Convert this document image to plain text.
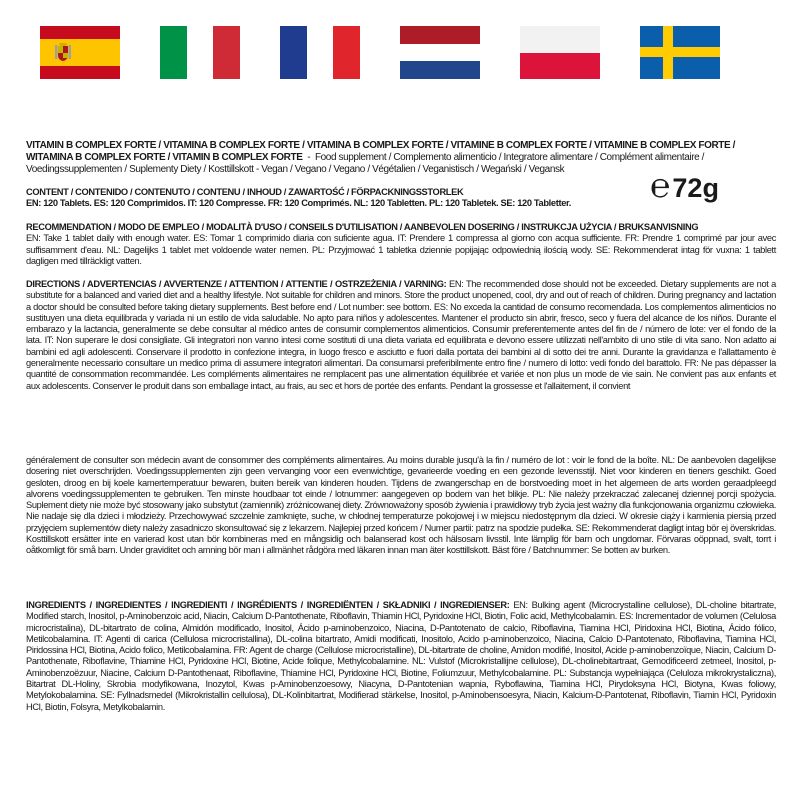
VITAMIN B COMPLEX FORTE / VITAMINA B COMPLEX FORTE / VITAMINA B COMPLEX FORTE / VITAMINE B COMPLEX FORTE / VITAMINE B COMPLEX FORTE / WITAMINA B COMPLEX FORTE / VITAMIN B COMPLEX FORTE  -  Food supplement / Complemento alimenticio / Integratore alimentare / Complément alimentaire / Voedingssupplementen / Suplementy Diety / Kosttillskott - Vegan / Vegano / Vegano / Végétalien / Veganistisch / Wegański / Vegansk
CONTENT / CONTENIDO / CONTENUTO / CONTENU / INHOUD / ZAWARTOŚĆ / FÖRPACKNINGSSTORLEK
EN: 120 Tablets. ES: 120 Comprimidos. IT: 120 Compresse. FR: 120 Comprimés. NL: 120 Tabletten. PL: 120 Tabletek. SE: 120 Tabletter.	℮72g
RECOMMENDATION / MODO DE EMPLEO / MODALITÀ D'USO / CONSEILS D'UTILISATION / AANBEVOLEN DOSERING / INSTRUKCJA UŻYCIA / BRUKSANVISNING
EN: Take 1 tablet daily with enough water. ES: Tomar 1 comprimido diaria con suficiente agua. IT: Prendere 1 compressa al giorno con acqua sufficiente. FR: Prendre 1 comprimé par jour avec suffisamment d'eau. NL: Dagelijks 1 tablet met voldoende water nemen. PL: Przyjmować 1 tabletka dziennie popijając odpowiednią ilością wody. SE: Rekommenderat intag för vuxna: 1 tablett dagligen med tillräckligt vatten.
DIRECTIONS / ADVERTENCIAS / AVVERTENZE / ATTENTION / ATTENTIE / OSTRZEŻENIA / VARNING: EN: The recommended dose should not be exceeded. Dietary supplements are not a substitute for a balanced and varied diet and a healthy lifestyle. Not suitable for children and minors. Store the product unopened, cool, dry and out of reach of children. During pregnancy and lactation a doctor should be consulted before taking dietary supplements. Best before end / Lot number: see bottom. ES: No exceda la cantidad de consumo recomendada. Los complementos alimenticios no sustituyen una dieta equilibrada y variada ni un estilo de vida saludable. No apto para niños y adolescentes. Mantener el producto sin abrir, fresco, seco y fuera del alcance de los niños. Durante el embarazo y la lactancia, generalmente se debe consultar al médico antes de consumir complementos alimenticios. Consumir preferentemente antes del fin de / número de lote: ver el fondo de la lata. IT: Non superare le dosi consigliate. Gli integratori non vanno intesi come sostituti di una dieta variata ed equilibrata e devono essere utilizzati nell'ambito di uno stile di vita sano. Non adatto ai bambini ed agli adolescenti. Conservare il prodotto in confezione integra, in luogo fresco e asciutto e fuori dalla portata dei bambini al di sotto dei tre anni. Durante la gravidanza e l'allattamento è generalmente necessario consultare un medico prima di assumere integratori alimentari. Da consumarsi preferibilmente entro fine / numero di lotto: vedi fondo del barattolo. FR: Ne pas dépasser la quantité de consommation recommandée. Les compléments alimentaires ne remplacent pas une alimentation équilibrée et variée et non plus un mode de vie sain. Ne convient pas aux enfants et aux adolescents. Conserver le produit dans son emballage intact, au frais, au sec et hors de portée des enfants. Pendant la grossesse et l'allaitement, il convient
généralement de consulter son médecin avant de consommer des compléments alimentaires. Au moins durable jusqu'à la fin / numéro de lot : voir le fond de la boîte. NL: De aanbevolen dagelijkse dosering niet overschrijden. Voedingssupplementen zijn geen vervanging voor een evenwichtige, gevarieerde voeding en een gezonde levensstijl. Niet voor kinderen en tieners geschikt. Goed gesloten, droog en bij koele kamertemperatuur bewaren, buiten bereik van kinderen houden. Tijdens de zwangerschap en de borstvoeding moet in het algemeen de arts worden geraadpleegd alvorens voedingssupplementen te gebruiken. Ten minste houdbaar tot einde / lotnummer: aangegeven op bodem van het blikje. PL: Nie należy przekraczać zalecanej dziennej porcji spożycia. Suplement diety nie może być stosowany jako substytut (zamiennik) zróżnicowanej diety. Zrównoważony sposób żywienia i prawidłowy tryb życia jest ważny dla funkcjonowania organizmu człowieka. Nie nadaje się dla dzieci i młodzieży. Przechowywać szczelnie zamknięte, suche, w chłodnej temperaturze pokojowej i w miejscu niedostępnym dla dzieci. W okresie ciąży i karmienia piersią przed przyjęciem suplementów diety należy zasadniczo skonsultować się z lekarzem. Najlepiej przed końcem / Numer partii: patrz na spodzie pudełka. SE: Rekommenderat dagligt intag bör ej överskridas. Kosttillskott ersätter inte en varierad kost utan bör kombineras med en mångsidig och balanserad kost och hälsosam livsstil. Inte lämplig för barn och ungdomar. Förvaras oöppnad, svalt, torrt i oåtkomligt för små barn. Under graviditet och amning bör man i allmänhet rådgöra med läkaren innan man äter kosttillskott. Bäst före / Batchnummer: Se botten av burken.
INGREDIENTS / INGREDIENTES / INGREDIENTI / INGRÉDIENTS / INGREDIËNTEN / SKŁADNIKI / INGREDIENSER: EN: Bulking agent (Microcrystalline cellulose), DL-choline bitartrate, Modified starch, Inositol, p-Aminobenzoic acid, Niacin, Calcium D-Pantothenate, Riboflavin, Thiamin HCl, Pyridoxine HCl, Biotin, Folic acid, Methylcobalamin. ES: Incrementador de volumen (Celulosa microcristalina), DL-bitartrato de colina, Almidón modificado, Inositol, Ácido p-aminobenzoico, Niacina, D-Pantotenato de calcio, Riboflavina, Tiamina HCl, Piridoxina HCl, Biotina, Ácido fólico, Metilcobalamina. IT: Agenti di carica (Cellulosa microcristallina), DL-colina bitartrato, Amidi modificati, Inositolo, Acido p-aminobenzoico, Niacina, Calcio D-Pantotenato, Riboflavina, Tiamina HCl, Piridossina HCl, Biotina, Acido folico, Metilcobalamina. FR: Agent de charge (Cellulose microcristalline), DL-bitartrate de choline, Amidon modifié, Inositol, Acide p-aminobenzoïque, Niacin, Calcium D-Pantothenate, Riboflavine, Thiamine HCl, Pyridoxine HCl, Biotine, Acide folique, Methylcobalamine. NL: Vulstof (Microkristallijne cellulose), DL-cholinebitartraat, Gemodificeerd zetmeel, Inositol, p-Aminobenzoëzuur, Niacine, Calcium D-Pantothenaat, Riboflavine, Thiamine HCl, Pyridoxine HCl, Biotine, Foliumzuur, Methylcobalamine. PL: Substancja wypełniająca (Celuloza mikrokrystaliczna), Bitartrat DL-Holiny, Skrobia modyfikowana, Inozytol, Kwas p-Aminobenzoesowy, Niacyna, D-Pantotenian wapnia, Ryboflawina, Tiamina HCl, Pirydoksyna HCl, Biotyna, Kwas foliowy, Metylokobalamina. SE: Fyllnadsmedel (Mikrokristallin cellulosa), DL-Kolinbitartrat, Modifierad stärkelse, Inositol, p-Aminobensoesyra, Niacin, Kalcium-D-Pantotenat, Riboflavin, Tiamin HCl, Pyridoxin HCl, Biotin, Folsyra, Metylkobalamin.
